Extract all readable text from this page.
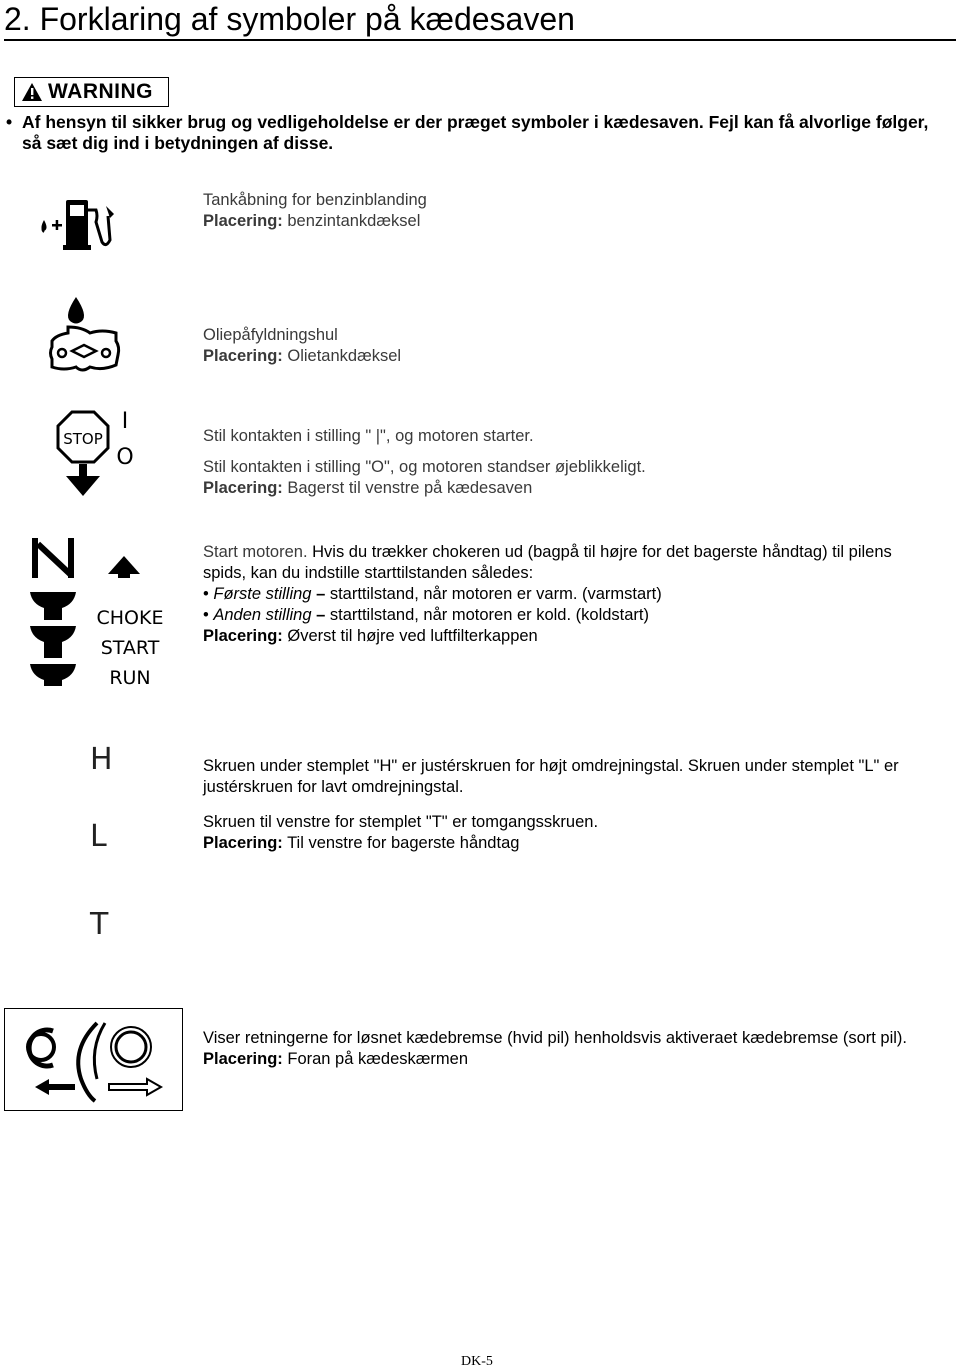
2. Forklaring af symboler på kædesaven
WARNING
• Af hensyn til sikker brug og vedligeholdelse er der præget symboler i kædesaven. Fejl kan få alvorlige følger, så sæt dig ind i betydningen af disse.

Tankåbning for benzinblanding

Placering: benzintankdæksel

Oliepåfyldningshul

Placering: Olietankdæksel

STOP
I
O

Stil kontakten i stilling " |", og motoren starter.

Stil kontakten i stilling "O", og motoren standser øjeblikkeligt.

Placering: Bagerst til venstre på kædesaven

CHOKE
START
RUN

Start motoren. Hvis du trækker chokeren ud (bagpå til højre for det bagerste håndtag) til pilens spids, kan du indstille starttilstanden således:

• Første stilling – starttilstand, når motoren er varm. (varmstart)

• Anden stilling – starttilstand, når motoren er kold. (koldstart)

Placering: Øverst til højre ved luftfilterkappen

H
L
T

Skruen under stemplet "H" er justérskruen for højt omdrejningstal. Skruen under stemplet "L" er justérskruen for lavt omdrejningstal.

Skruen til venstre for stemplet "T" er tomgangsskruen.

Placering: Til venstre for bagerste håndtag

Viser retningerne for løsnet kædebremse (hvid pil) henholdsvis aktiveraet kædebremse (sort pil).

Placering: Foran på kædeskærmen

DK-5
